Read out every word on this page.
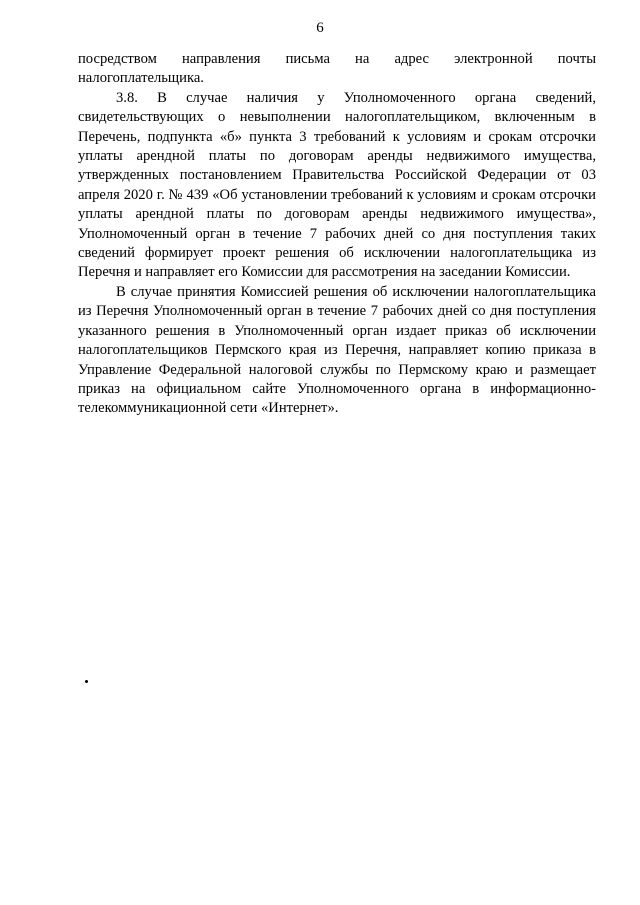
6

посредством направления письма на адрес электронной почты налогоплательщика.

3.8. В случае наличия у Уполномоченного органа сведений, свидетельствующих о невыполнении налогоплательщиком, включенным в Перечень, подпункта «б» пункта 3 требований к условиям и срокам отсрочки уплаты арендной платы по договорам аренды недвижимого имущества, утвержденных постановлением Правительства Российской Федерации от 03 апреля 2020 г. № 439 «Об установлении требований к условиям и срокам отсрочки уплаты арендной платы по договорам аренды недвижимого имущества», Уполномоченный орган в течение 7 рабочих дней со дня поступления таких сведений формирует проект решения об исключении налогоплательщика из Перечня и направляет его Комиссии для рассмотрения на заседании Комиссии.

В случае принятия Комиссией решения об исключении налогоплательщика из Перечня Уполномоченный орган в течение 7 рабочих дней со дня поступления указанного решения в Уполномоченный орган издает приказ об исключении налогоплательщиков Пермского края из Перечня, направляет копию приказа в Управление Федеральной налоговой службы по Пермскому краю и размещает приказ на официальном сайте Уполномоченного органа в информационно-телекоммуникационной сети «Интернет».
